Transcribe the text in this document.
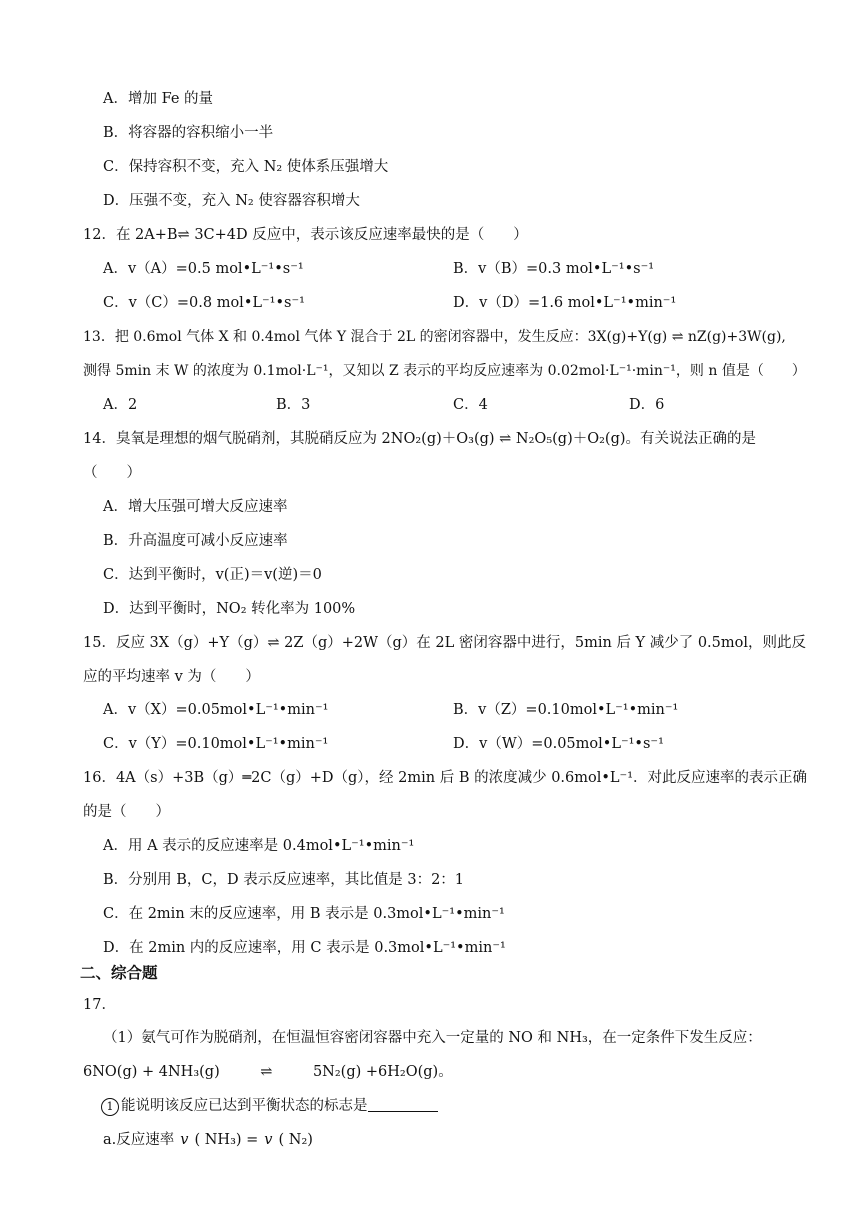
A．增加 Fe 的量
B．将容器的容积缩小一半
C．保持容积不变，充入 N₂ 使体系压强增大
D．压强不变，充入 N₂ 使容器容积增大
12．在 2A+B⇌ 3C+4D 反应中，表示该反应速率最快的是（　　）
A．v（A）=0.5 mol•L⁻¹•s⁻¹	B．v（B）=0.3 mol•L⁻¹•s⁻¹
C．v（C）=0.8 mol•L⁻¹•s⁻¹	D．v（D）=1.6 mol•L⁻¹•min⁻¹
13．把 0.6mol 气体 X 和 0.4mol 气体 Y 混合于 2L 的密闭容器中，发生反应：3X(g)+Y(g) ⇌ nZ(g)+3W(g),
测得 5min 末 W 的浓度为 0.1mol·L⁻¹，又知以 Z 表示的平均反应速率为 0.02mol·L⁻¹·min⁻¹，则 n 值是（　　）
A．2	B．3	C．4	D．6
14．臭氧是理想的烟气脱硝剂，其脱硝反应为 2NO₂(g)＋O₃(g) ⇌ N₂O₅(g)＋O₂(g)。有关说法正确的是
（　　）
A．增大压强可增大反应速率
B．升高温度可减小反应速率
C．达到平衡时，v(正)＝v(逆)＝0
D．达到平衡时，NO₂ 转化率为 100%
15．反应 3X（g）+Y（g）⇌ 2Z（g）+2W（g）在 2L 密闭容器中进行，5min 后 Y 减少了 0.5mol，则此反
应的平均速率 v 为（　　）
A．v（X）=0.05mol•L⁻¹•min⁻¹	B．v（Z）=0.10mol•L⁻¹•min⁻¹
C．v（Y）=0.10mol•L⁻¹•min⁻¹	D．v（W）=0.05mol•L⁻¹•s⁻¹
16．4A（s）+3B（g）═2C（g）+D（g），经 2min 后 B 的浓度减少 0.6mol•L⁻¹．对此反应速率的表示正确
的是（　　）
A．用 A 表示的反应速率是 0.4mol•L⁻¹•min⁻¹
B．分别用 B，C，D 表示反应速率，其比值是 3：2：1
C．在 2min 末的反应速率，用 B 表示是 0.3mol•L⁻¹•min⁻¹
D．在 2min 内的反应速率，用 C 表示是 0.3mol•L⁻¹•min⁻¹
二、综合题
17．
（1）氨气可作为脱硝剂，在恒温恒容密闭容器中充入一定量的 NO 和 NH₃，在一定条件下发生反应：
6NO(g) + 4NH₃(g)	⇌	5N₂(g) +6H₂O(g)。
1 能说明该反应已达到平衡状态的标志是
a.反应速率 v ( NH₃) = v ( N₂)
